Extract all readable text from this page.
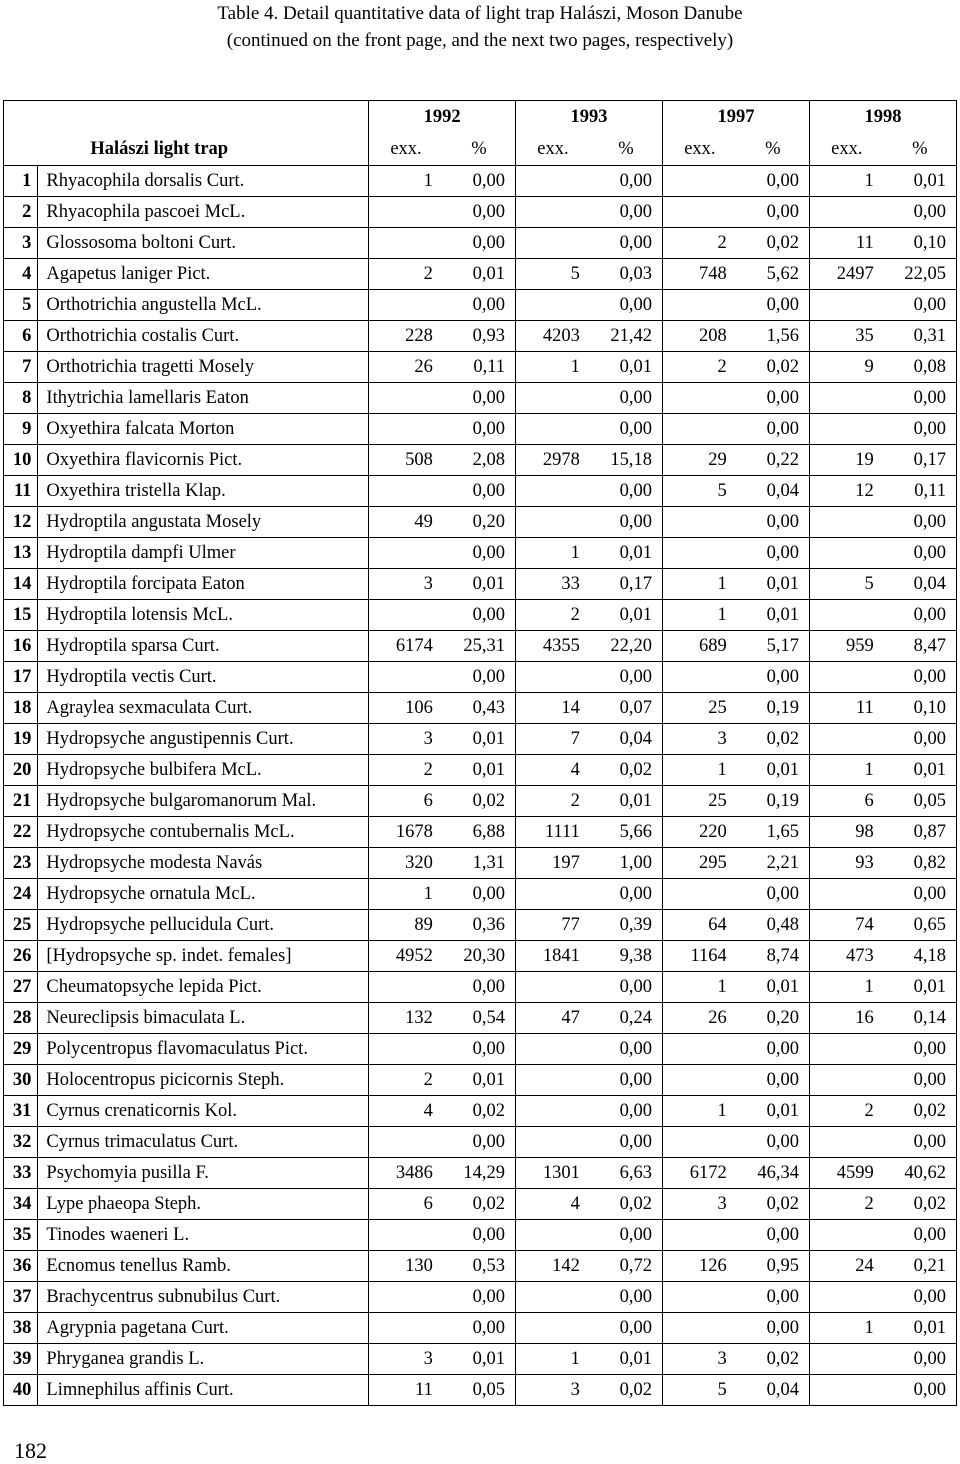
Table 4. Detail quantitative data of light trap Halászi, Moson Danube
(continued on the front page, and the next two pages, respectively)
		1992		1993		1997		1998	
Halászi light trap		exx.	%	exx.	%	exx.	%	exx.	%
1	Rhyacophila dorsalis Curt.	1	0,00		0,00		0,00	1	0,01
2	Rhyacophila pascoei McL.		0,00		0,00		0,00		0,00
3	Glossosoma boltoni Curt.		0,00		0,00	2	0,02	11	0,10
4	Agapetus laniger Pict.	2	0,01	5	0,03	748	5,62	2497	22,05
5	Orthotrichia angustella McL.		0,00		0,00		0,00		0,00
6	Orthotrichia costalis Curt.	228	0,93	4203	21,42	208	1,56	35	0,31
7	Orthotrichia tragetti Mosely	26	0,11	1	0,01	2	0,02	9	0,08
8	Ithytrichia lamellaris Eaton		0,00		0,00		0,00		0,00
9	Oxyethira falcata Morton		0,00		0,00		0,00		0,00
10	Oxyethira flavicornis Pict.	508	2,08	2978	15,18	29	0,22	19	0,17
11	Oxyethira tristella Klap.		0,00		0,00	5	0,04	12	0,11
12	Hydroptila angustata Mosely	49	0,20		0,00		0,00		0,00
13	Hydroptila dampfi Ulmer		0,00	1	0,01		0,00		0,00
14	Hydroptila forcipata Eaton	3	0,01	33	0,17	1	0,01	5	0,04
15	Hydroptila lotensis McL.		0,00	2	0,01	1	0,01		0,00
16	Hydroptila sparsa Curt.	6174	25,31	4355	22,20	689	5,17	959	8,47
17	Hydroptila vectis Curt.		0,00		0,00		0,00		0,00
18	Agraylea sexmaculata Curt.	106	0,43	14	0,07	25	0,19	11	0,10
19	Hydropsyche angustipennis Curt.	3	0,01	7	0,04	3	0,02		0,00
20	Hydropsyche bulbifera McL.	2	0,01	4	0,02	1	0,01	1	0,01
21	Hydropsyche bulgaromanorum Mal.	6	0,02	2	0,01	25	0,19	6	0,05
22	Hydropsyche contubernalis McL.	1678	6,88	1111	5,66	220	1,65	98	0,87
23	Hydropsyche modesta Navás	320	1,31	197	1,00	295	2,21	93	0,82
24	Hydropsyche ornatula McL.	1	0,00		0,00		0,00		0,00
25	Hydropsyche pellucidula Curt.	89	0,36	77	0,39	64	0,48	74	0,65
26	[Hydropsyche sp. indet. females]	4952	20,30	1841	9,38	1164	8,74	473	4,18
27	Cheumatopsyche lepida Pict.		0,00		0,00	1	0,01	1	0,01
28	Neureclipsis bimaculata L.	132	0,54	47	0,24	26	0,20	16	0,14
29	Polycentropus flavomaculatus Pict.		0,00		0,00		0,00		0,00
30	Holocentropus picicornis Steph.	2	0,01		0,00		0,00		0,00
31	Cyrnus crenaticornis Kol.	4	0,02		0,00	1	0,01	2	0,02
32	Cyrnus trimaculatus Curt.		0,00		0,00		0,00		0,00
33	Psychomyia pusilla F.	3486	14,29	1301	6,63	6172	46,34	4599	40,62
34	Lype phaeopa Steph.	6	0,02	4	0,02	3	0,02	2	0,02
35	Tinodes waeneri L.		0,00		0,00		0,00		0,00
36	Ecnomus tenellus Ramb.	130	0,53	142	0,72	126	0,95	24	0,21
37	Brachycentrus subnubilus Curt.		0,00		0,00		0,00		0,00
38	Agrypnia pagetana Curt.		0,00		0,00		0,00	1	0,01
39	Phryganea grandis L.	3	0,01	1	0,01	3	0,02		0,00
40	Limnephilus affinis Curt.	11	0,05	3	0,02	5	0,04		0,00
182
